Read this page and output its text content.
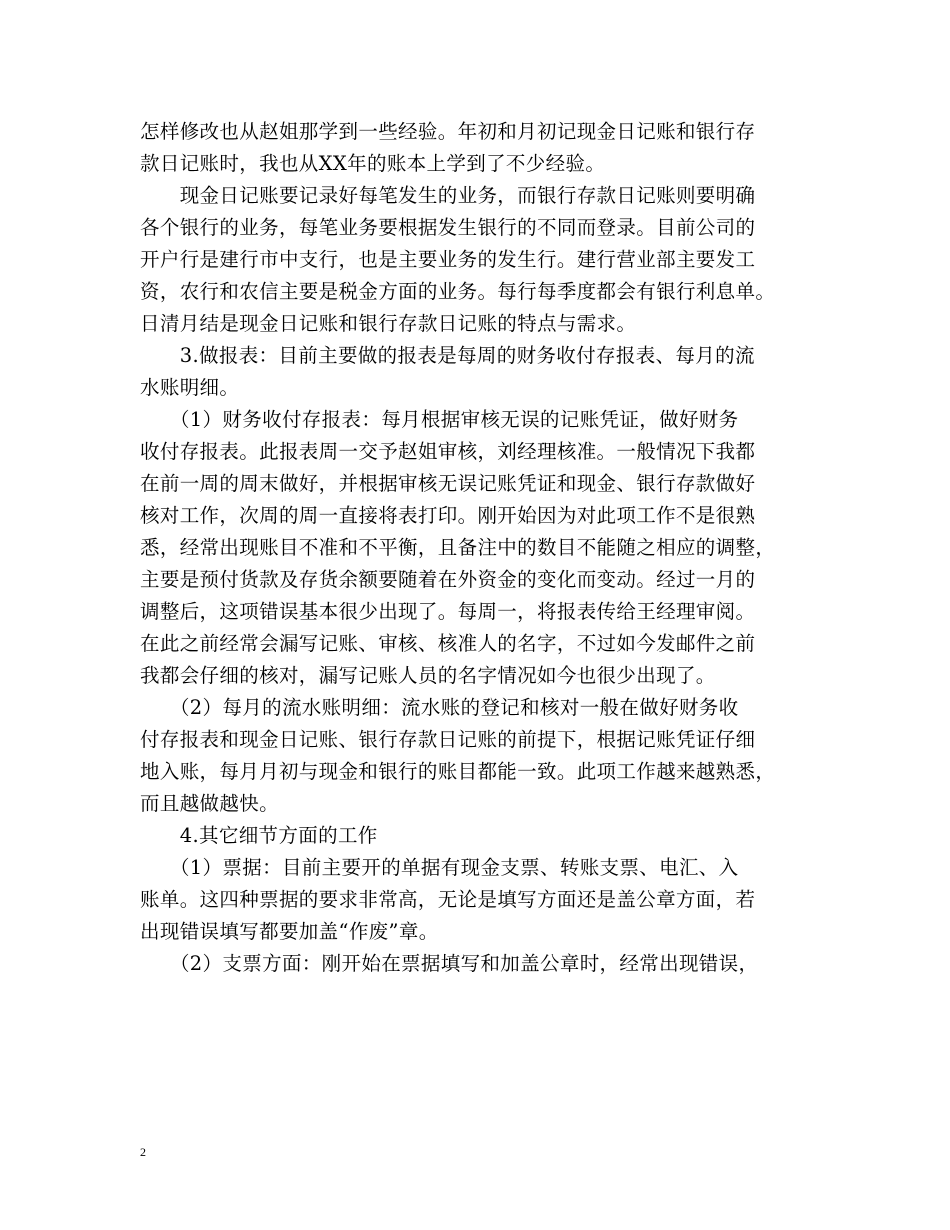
怎样修改也从赵姐那学到一些经验。年初和月初记现金日记账和银行存
款日记账时，我也从XX年的账本上学到了不少经验。
　　现金日记账要记录好每笔发生的业务，而银行存款日记账则要明确
各个银行的业务，每笔业务要根据发生银行的不同而登录。目前公司的
开户行是建行市中支行，也是主要业务的发生行。建行营业部主要发工
资，农行和农信主要是税金方面的业务。每行每季度都会有银行利息单。
日清月结是现金日记账和银行存款日记账的特点与需求。
　　3.做报表：目前主要做的报表是每周的财务收付存报表、每月的流
水账明细。
　　（1）财务收付存报表：每月根据审核无误的记账凭证，做好财务
收付存报表。此报表周一交予赵姐审核，刘经理核准。一般情况下我都
在前一周的周末做好，并根据审核无误记账凭证和现金、银行存款做好
核对工作，次周的周一直接将表打印。刚开始因为对此项工作不是很熟
悉，经常出现账目不准和不平衡，且备注中的数目不能随之相应的调整，
主要是预付货款及存货余额要随着在外资金的变化而变动。经过一月的
调整后，这项错误基本很少出现了。每周一，将报表传给王经理审阅。
在此之前经常会漏写记账、审核、核准人的名字，不过如今发邮件之前
我都会仔细的核对，漏写记账人员的名字情况如今也很少出现了。
　　（2）每月的流水账明细：流水账的登记和核对一般在做好财务收
付存报表和现金日记账、银行存款日记账的前提下，根据记账凭证仔细
地入账，每月月初与现金和银行的账目都能一致。此项工作越来越熟悉，
而且越做越快。
　　4.其它细节方面的工作
　　（1）票据：目前主要开的单据有现金支票、转账支票、电汇、入
账单。这四种票据的要求非常高，无论是填写方面还是盖公章方面，若
出现错误填写都要加盖“作废”章。
　　（2）支票方面：刚开始在票据填写和加盖公章时，经常出现错误，
2
